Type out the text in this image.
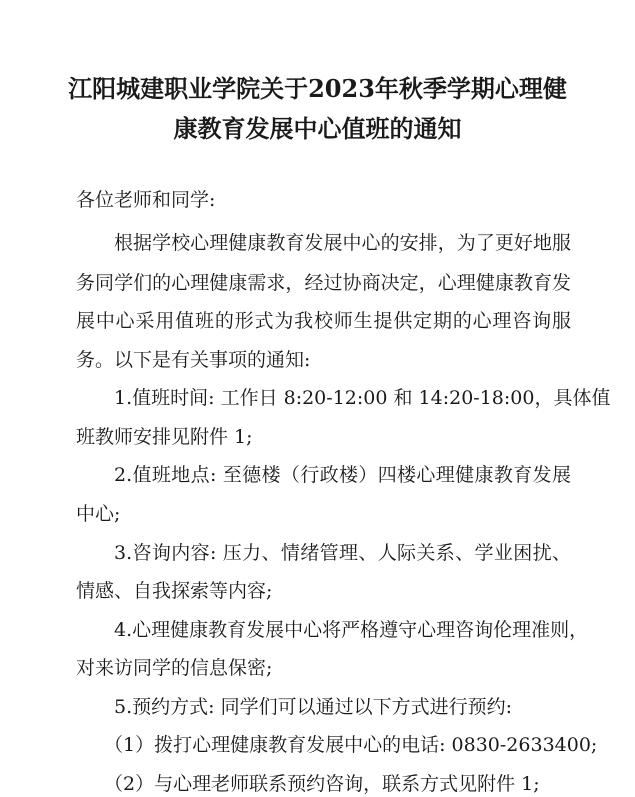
江阳城建职业学院关于2023年秋季学期心理健
康教育发展中心值班的通知

各位老师和同学:

根据学校心理健康教育发展中心的安排，为了更好地服

务同学们的心理健康需求，经过协商决定，心理健康教育发

展中心采用值班的形式为我校师生提供定期的心理咨询服

务。以下是有关事项的通知:

1.值班时间: 工作日 8:20-12:00 和 14:20-18:00，具体值

班教师安排见附件 1;

2.值班地点: 至德楼（行政楼）四楼心理健康教育发展

中心;

3.咨询内容: 压力、情绪管理、人际关系、学业困扰、

情感、自我探索等内容;

4.心理健康教育发展中心将严格遵守心理咨询伦理准则，

对来访同学的信息保密;

5.预约方式: 同学们可以通过以下方式进行预约:

（1）拨打心理健康教育发展中心的电话: 0830-2633400;

（2）与心理老师联系预约咨询，联系方式见附件 1;
